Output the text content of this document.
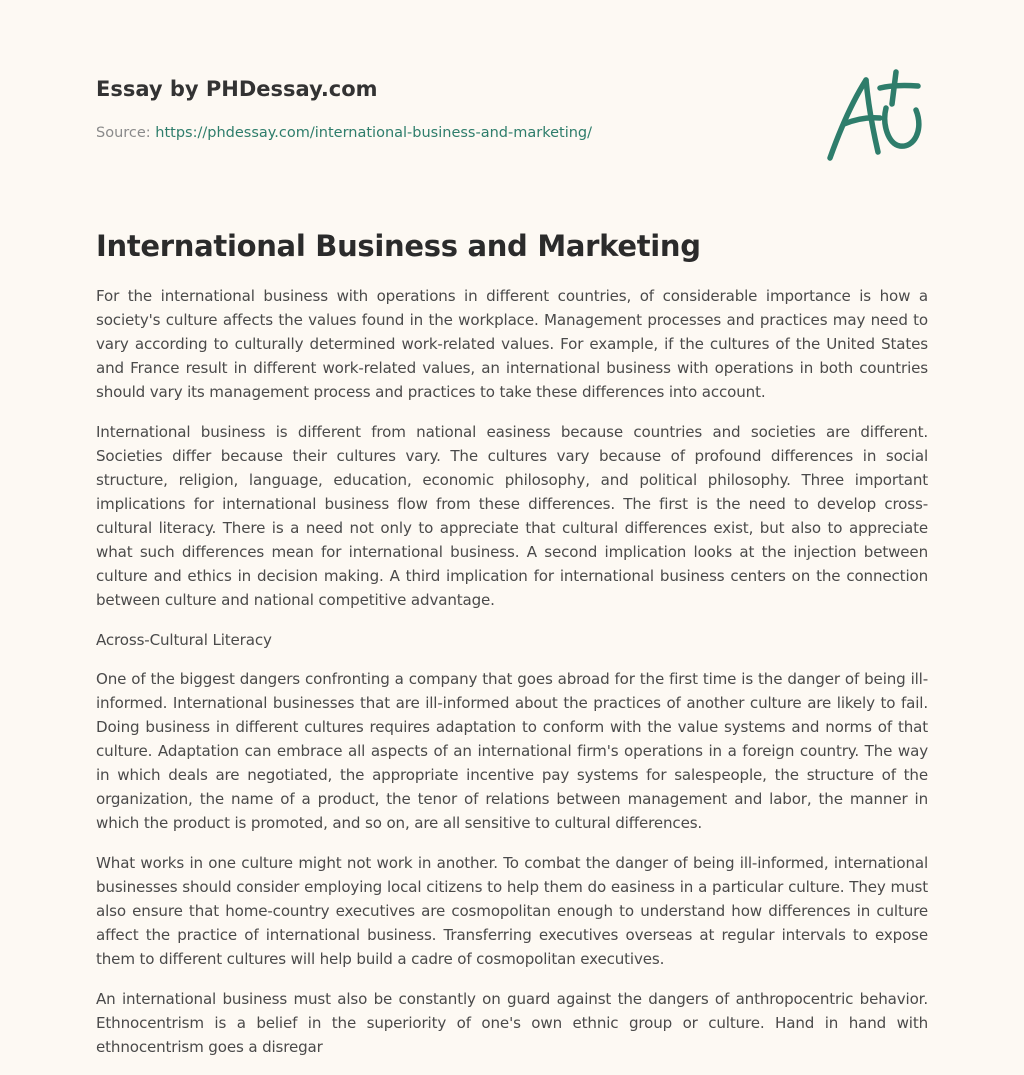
Essay by PHDessay.com
Source: https://phdessay.com/international-business-and-marketing/
International Business and Marketing

For the international business with operations in different countries, of considerable importance is how a society's culture affects the values found in the workplace. Management processes and practices may need to vary according to culturally determined work-related values. For example, if the cultures of the United States and France result in different work-related values, an international business with operations in both countries should vary its management process and practices to take these differences into account.

International business is different from national easiness because countries and societies are different. Societies differ because their cultures vary. The cultures vary because of profound differences in social structure, religion, language, education, economic philosophy, and political philosophy. Three important implications for international business flow from these differences. The first is the need to develop cross-cultural literacy. There is a need not only to appreciate that cultural differences exist, but also to appreciate what such differences mean for international business. A second implication looks at the injection between culture and ethics in decision making. A third implication for international business centers on the connection between culture and national competitive advantage.

Across-Cultural Literacy

One of the biggest dangers confronting a company that goes abroad for the first time is the danger of being ill-informed. International businesses that are ill-informed about the practices of another culture are likely to fail. Doing business in different cultures requires adaptation to conform with the value systems and norms of that culture. Adaptation can embrace all aspects of an international firm's operations in a foreign country. The way in which deals are negotiated, the appropriate incentive pay systems for salespeople, the structure of the organization, the name of a product, the tenor of relations between management and labor, the manner in which the product is promoted, and so on, are all sensitive to cultural differences.

What works in one culture might not work in another. To combat the danger of being ill-informed, international businesses should consider employing local citizens to help them do easiness in a particular culture. They must also ensure that home-country executives are cosmopolitan enough to understand how differences in culture affect the practice of international business. Transferring executives overseas at regular intervals to expose them to different cultures will help build a cadre of cosmopolitan executives.

An international business must also be constantly on guard against the dangers of anthropocentric behavior. Ethnocentrism is a belief in the superiority of one's own ethnic group or culture. Hand in hand with ethnocentrism goes a disregar
